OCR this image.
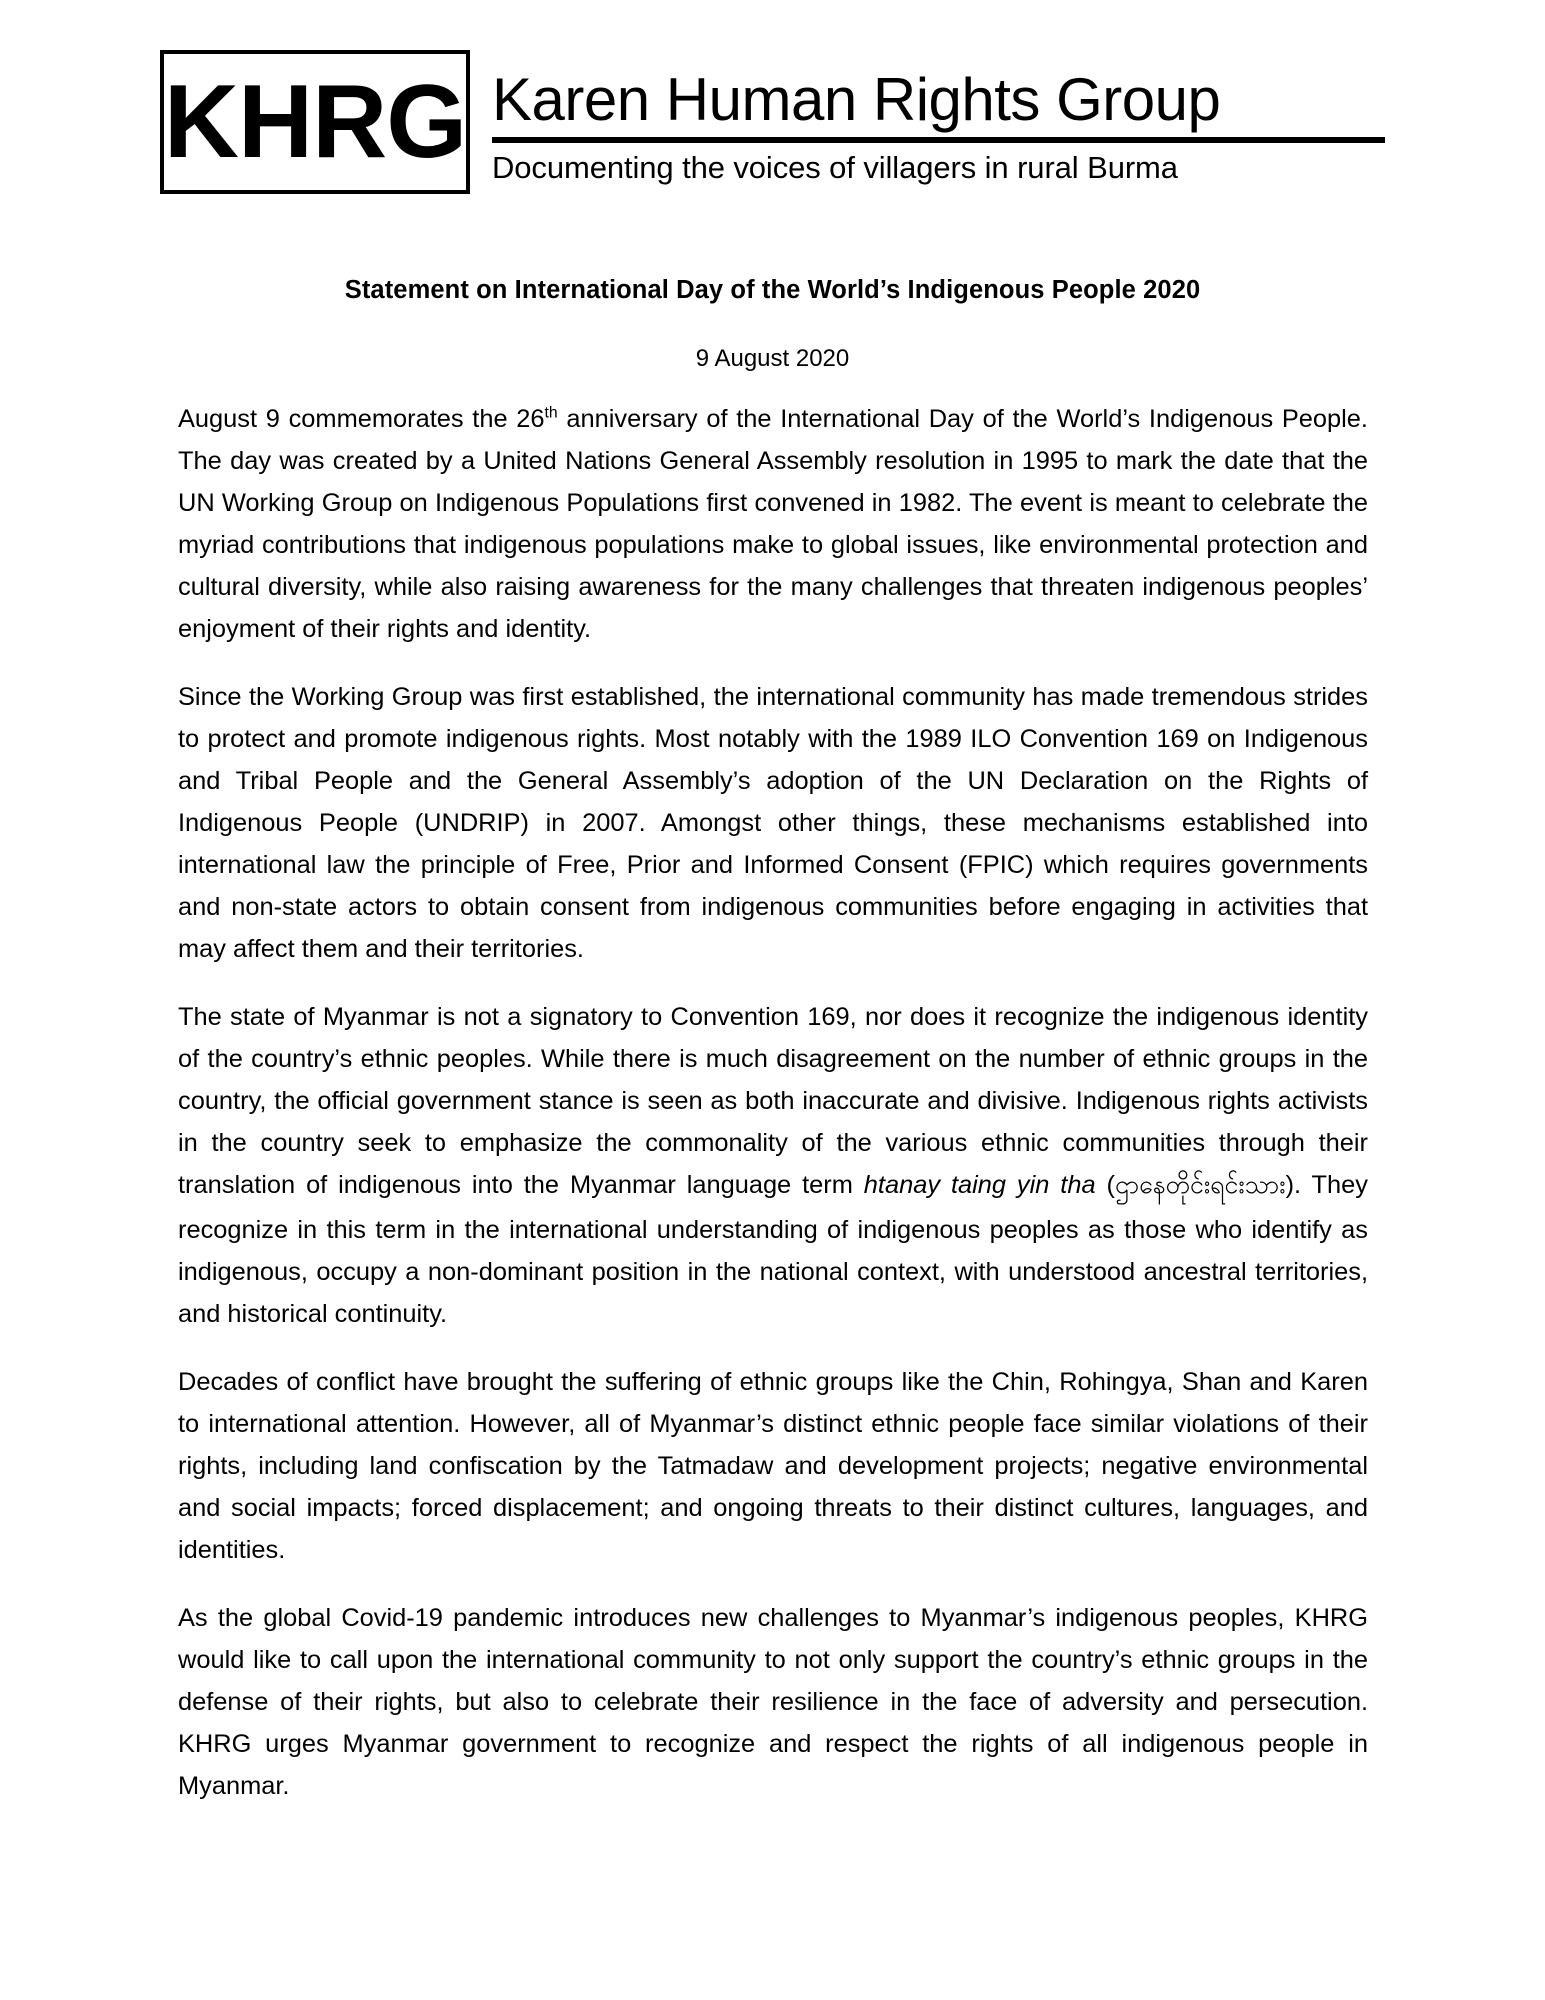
KHRG Karen Human Rights Group
Documenting the voices of villagers in rural Burma
Statement on International Day of the World’s Indigenous People 2020
9 August 2020

August 9 commemorates the 26th anniversary of the International Day of the World’s Indigenous People. The day was created by a United Nations General Assembly resolution in 1995 to mark the date that the UN Working Group on Indigenous Populations first convened in 1982. The event is meant to celebrate the myriad contributions that indigenous populations make to global issues, like environmental protection and cultural diversity, while also raising awareness for the many challenges that threaten indigenous peoples’ enjoyment of their rights and identity.

Since the Working Group was first established, the international community has made tremendous strides to protect and promote indigenous rights. Most notably with the 1989 ILO Convention 169 on Indigenous and Tribal People and the General Assembly’s adoption of the UN Declaration on the Rights of Indigenous People (UNDRIP) in 2007. Amongst other things, these mechanisms established into international law the principle of Free, Prior and Informed Consent (FPIC) which requires governments and non-state actors to obtain consent from indigenous communities before engaging in activities that may affect them and their territories.

The state of Myanmar is not a signatory to Convention 169, nor does it recognize the indigenous identity of the country’s ethnic peoples. While there is much disagreement on the number of ethnic groups in the country, the official government stance is seen as both inaccurate and divisive. Indigenous rights activists in the country seek to emphasize the commonality of the various ethnic communities through their translation of indigenous into the Myanmar language term htanay taing yin tha (ဌာနေတိုင်းရင်းသား). They recognize in this term in the international understanding of indigenous peoples as those who identify as indigenous, occupy a non-dominant position in the national context, with understood ancestral territories, and historical continuity.

Decades of conflict have brought the suffering of ethnic groups like the Chin, Rohingya, Shan and Karen to international attention. However, all of Myanmar’s distinct ethnic people face similar violations of their rights, including land confiscation by the Tatmadaw and development projects; negative environmental and social impacts; forced displacement; and ongoing threats to their distinct cultures, languages, and identities.

As the global Covid-19 pandemic introduces new challenges to Myanmar’s indigenous peoples, KHRG would like to call upon the international community to not only support the country’s ethnic groups in the defense of their rights, but also to celebrate their resilience in the face of adversity and persecution. KHRG urges Myanmar government to recognize and respect the rights of all indigenous people in Myanmar.
